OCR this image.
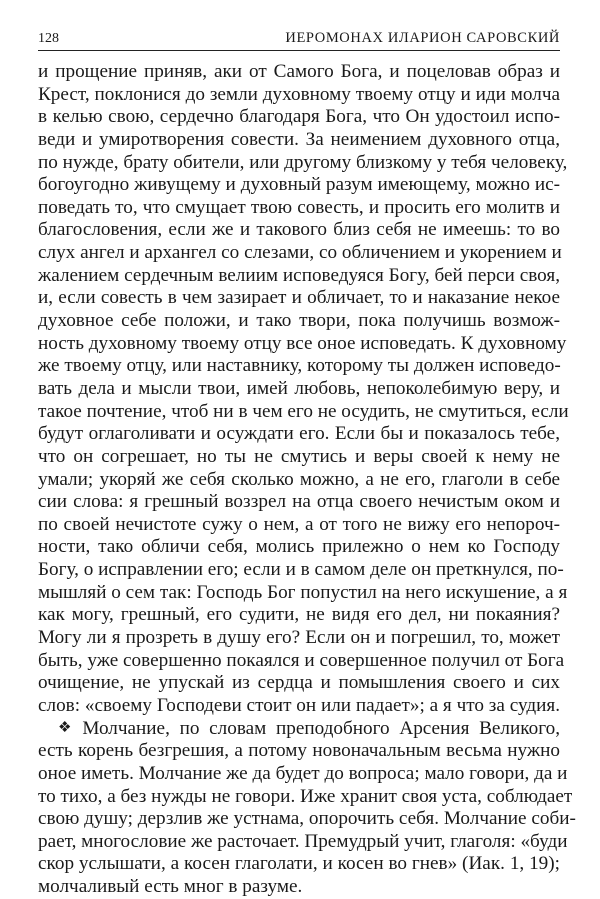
128	ИЕРОМОНАХ ИЛАРИОН САРОВСКИЙ
и прощение приняв, аки от Самого Бога, и поцеловав образ и
Крест, поклонися до земли духовному твоему отцу и иди молча
в келью свою, сердечно благодаря Бога, что Он удостоил испо-
веди и умиротворения совести. За неимением духовного отца,
по нужде, брату обители, или другому близкому у тебя человеку,
богоугодно живущему и духовный разум имеющему, можно ис-
поведать то, что смущает твою совесть, и просить его молитв и
благословения, если же и такового близ себя не имеешь: то во
слух ангел и архангел со слезами, со обличением и укорением и
жалением сердечным велиим исповедуяся Богу, бей перси своя,
и, если совесть в чем зазирает и обличает, то и наказание некое
духовное себе положи, и тако твори, пока получишь возмож-
ность духовному твоему отцу все оное исповедать. К духовному
же твоему отцу, или наставнику, которому ты должен исповедо-
вать дела и мысли твои, имей любовь, непоколебимую веру, и
такое почтение, чтоб ни в чем его не осудить, не смутиться, если
будут оглаголивати и осуждати его. Если бы и показалось тебе,
что он согрешает, но ты не смутись и веры своей к нему не
умали; укоряй же себя сколько можно, а не его, глаголи в себе
сии слова: я грешный воззрел на отца своего нечистым оком и
по своей нечистоте сужу о нем, а от того не вижу его непороч-
ности, тако обличи себя, молись прилежно о нем ко Господу
Богу, о исправлении его; если и в самом деле он преткнулся, по-
мышляй о сем так: Господь Бог попустил на него искушение, а я
как могу, грешный, его судити, не видя его дел, ни покаяния?
Могу ли я прозреть в душу его? Если он и погрешил, то, может
быть, уже совершенно покаялся и совершенное получил от Бога
очищение, не упускай из сердца и помышления своего и сих
слов: «своему Господеви стоит он или падает»; а я что за судия.
❖ Молчание, по словам преподобного Арсения Великого,
есть корень безгрешия, а потому новоначальным весьма нужно
оное иметь. Молчание же да будет до вопроса; мало говори, да и
то тихо, а без нужды не говори. Иже хранит своя уста, соблюдает
свою душу; дерзлив же устнама, опорочить себя. Молчание соби-
рает, многословие же расточает. Премудрый учит, глаголя: «буди
скор услышати, а косен глаголати, и косен во гнев» (Иак. 1, 19);
молчаливый есть мног в разуме.
